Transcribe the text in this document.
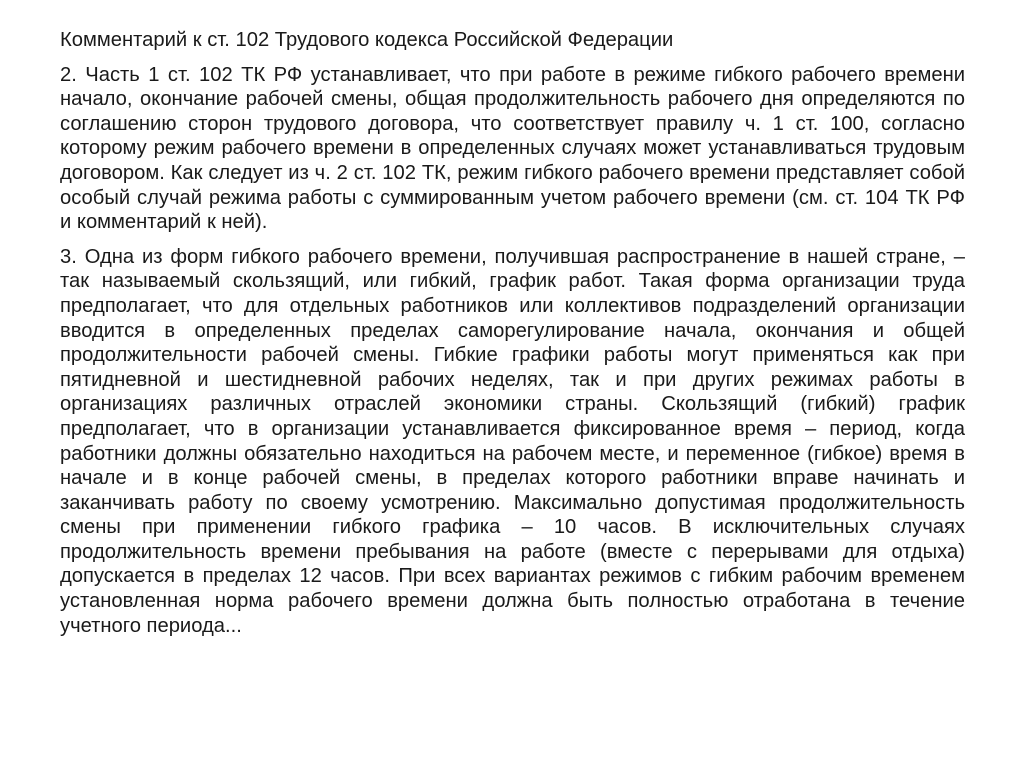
Комментарий к ст. 102 Трудового кодекса Российской Федерации

2. Часть 1 ст. 102 ТК РФ устанавливает, что при работе в режиме гибкого рабочего времени начало, окончание рабочей смены, общая продолжительность рабочего дня определяются по соглашению сторон трудового договора, что соответствует правилу ч. 1 ст. 100, согласно которому режим рабочего времени в определенных случаях может устанавливаться трудовым договором. Как следует из ч. 2 ст. 102 ТК, режим гибкого рабочего времени представляет собой особый случай режима работы с суммированным учетом рабочего времени (см. ст. 104 ТК РФ и комментарий к ней).

3. Одна из форм гибкого рабочего времени, получившая распространение в нашей стране, – так называемый скользящий, или гибкий, график работ. Такая форма организации труда предполагает, что для отдельных работников или коллективов подразделений организации вводится в определенных пределах саморегулирование начала, окончания и общей продолжительности рабочей смены. Гибкие графики работы могут применяться как при пятидневной и шестидневной рабочих неделях, так и при других режимах работы в организациях различных отраслей экономики страны. Скользящий (гибкий) график предполагает, что в организации устанавливается фиксированное время – период, когда работники должны обязательно находиться на рабочем месте, и переменное (гибкое) время в начале и в конце рабочей смены, в пределах которого работники вправе начинать и заканчивать работу по своему усмотрению. Максимально допустимая продолжительность смены при применении гибкого графика – 10 часов. В исключительных случаях продолжительность времени пребывания на работе (вместе с перерывами для отдыха) допускается в пределах 12 часов. При всех вариантах режимов с гибким рабочим временем установленная норма рабочего времени должна быть полностью отработана в течение учетного периода...
